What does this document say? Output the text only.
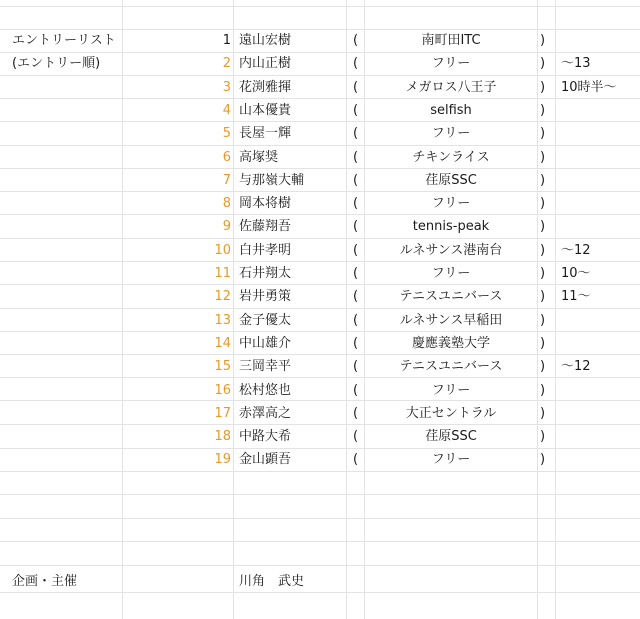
エントリーリスト
(エントリー順)
1 遠山宏樹	(	南町田ITC	)
2 内山正樹	(	フリー	)	〜13
3 花渕雅揮	(	メガロス八王子	)	10時半〜
4 山本優貴	(	selfish	)
5 長屋一輝	(	フリー	)
6 高塚奨	(	チキンライス	)
7 与那嶺大輔	(	荏原SSC	)
8 岡本将樹	(	フリー	)
9 佐藤翔吾	(	tennis-peak	)
10 白井孝明	(	ルネサンス港南台	)	〜12
11 石井翔太	(	フリー	)	10〜
12 岩井勇策	(	テニスユニバース	)	11〜
13 金子優太	(	ルネサンス早稲田	)
14 中山雄介	(	慶應義塾大学	)
15 三岡幸平	(	テニスユニバース	)	〜12
16 松村悠也	(	フリー	)
17 赤澤高之	(	大正セントラル	)
18 中路大希	(	荏原SSC	)
19 金山顕吾	(	フリー	)
企画・主催	川角　武史
